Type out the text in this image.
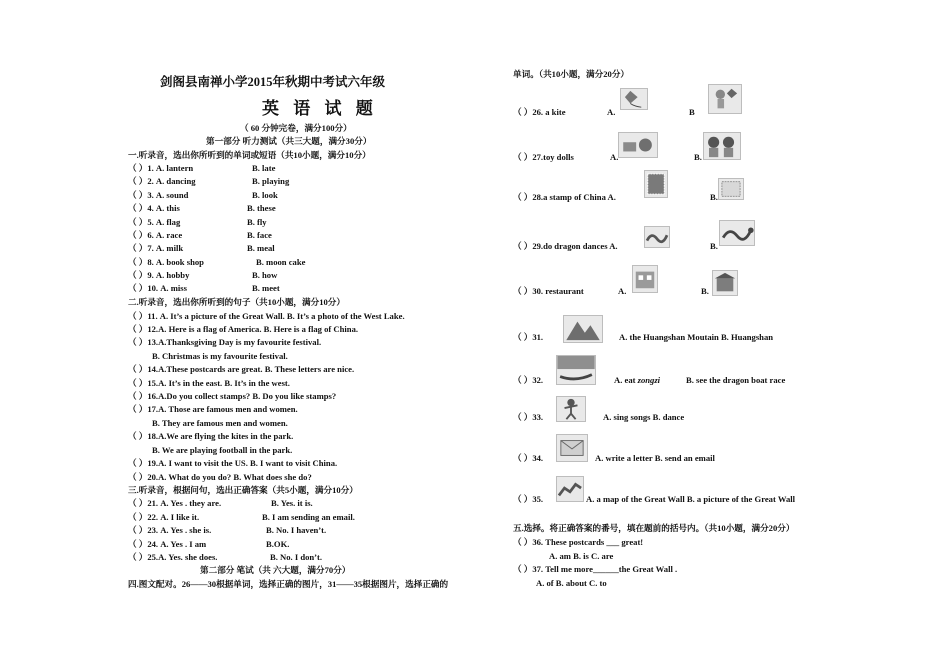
剑阁县南禅小学2015年秋期中考试六年级
英 语 试 题
（ 60 分钟完卷，满分100分）
第一部分 听力测试（共三大题，满分30分）
一.听录音，选出你所听到的单词或短语（共10小题，满分10分）
（ ）1. A. lantern	B. late
（ ）2. A. dancing	B. playing
（ ）3. A. sound	B. look
（ ）4. A. this	B. these
（ ）5. A. flag	B. fly
（ ）6. A. race	B. face
（ ）7. A. milk	B. meal
（ ）8. A. book shop	B. moon cake
（ ）9. A. hobby	B. how
（ ）10. A. miss	B. meet
二.听录音，选出你所听到的句子（共10小题，满分10分）
（ ）11. A. It’s a picture of the Great Wall. B. It’s a photo of the West Lake.
（ ）12.A. Here is a flag of America. B. Here is a flag of China.
（ ）13.A.Thanksgiving Day is my favourite festival.
B. Christmas is my favourite festival.
（ ）14.A.These postcards are great. B. These letters are nice.
（ ）15.A. It’s in the east. B. It’s in the west.
（ ）16.A.Do you collect stamps? B. Do you like stamps?
（ ）17.A. Those are famous men and women.
B. They are famous men and women.
（ ）18.A.We are flying the kites in the park.
B. We are playing football in the park.
（ ）19.A. I want to visit the US. B. I want to visit China.
（ ）20.A. What do you do? B. What does she do?
三.听录音，根据问句，选出正确答案（共5小题，满分10分）
（ ）21. A. Yes . they are.	B. Yes. it is.
（ ）22. A. I like it.	B. I am sending an email.
（ ）23. A. Yes . she is.	B. No. I haven’t.
（ ）24. A. Yes . I am	B.OK.
（ ）25.A. Yes. she does.	B. No. I don’t.
第二部分 笔试（共 六大题，满分70分）
四.图文配对。26——30根据单词，选择正确的图片，31——35根据图片，选择正确的
单词。（共10小题，满分20分）
（ ）26. a kite	A.	B
（ ）27.toy dolls	A.	B.
（ ）28.a stamp of China A.	B.
（ ）29.do dragon dances A.	B.
（ ）30. restaurant	A.	B.
（ ）31.	A. the Huangshan Moutain B. Huangshan
（ ）32.	A. eat zongzi	B. see the dragon boat race
（ ）33.	A. sing songs B. dance
（ ）34.	A. write a letter B. send an email
（ ）35.	A. a map of the Great Wall B. a picture of the Great Wall
五.选择。将正确答案的番号，填在题前的括号内。（共10小题，满分20分）
（ ）36. These postcards ___ great!
A. am B. is C. are
（ ）37. Tell me more______the Great Wall .
A. of B. about C. to
